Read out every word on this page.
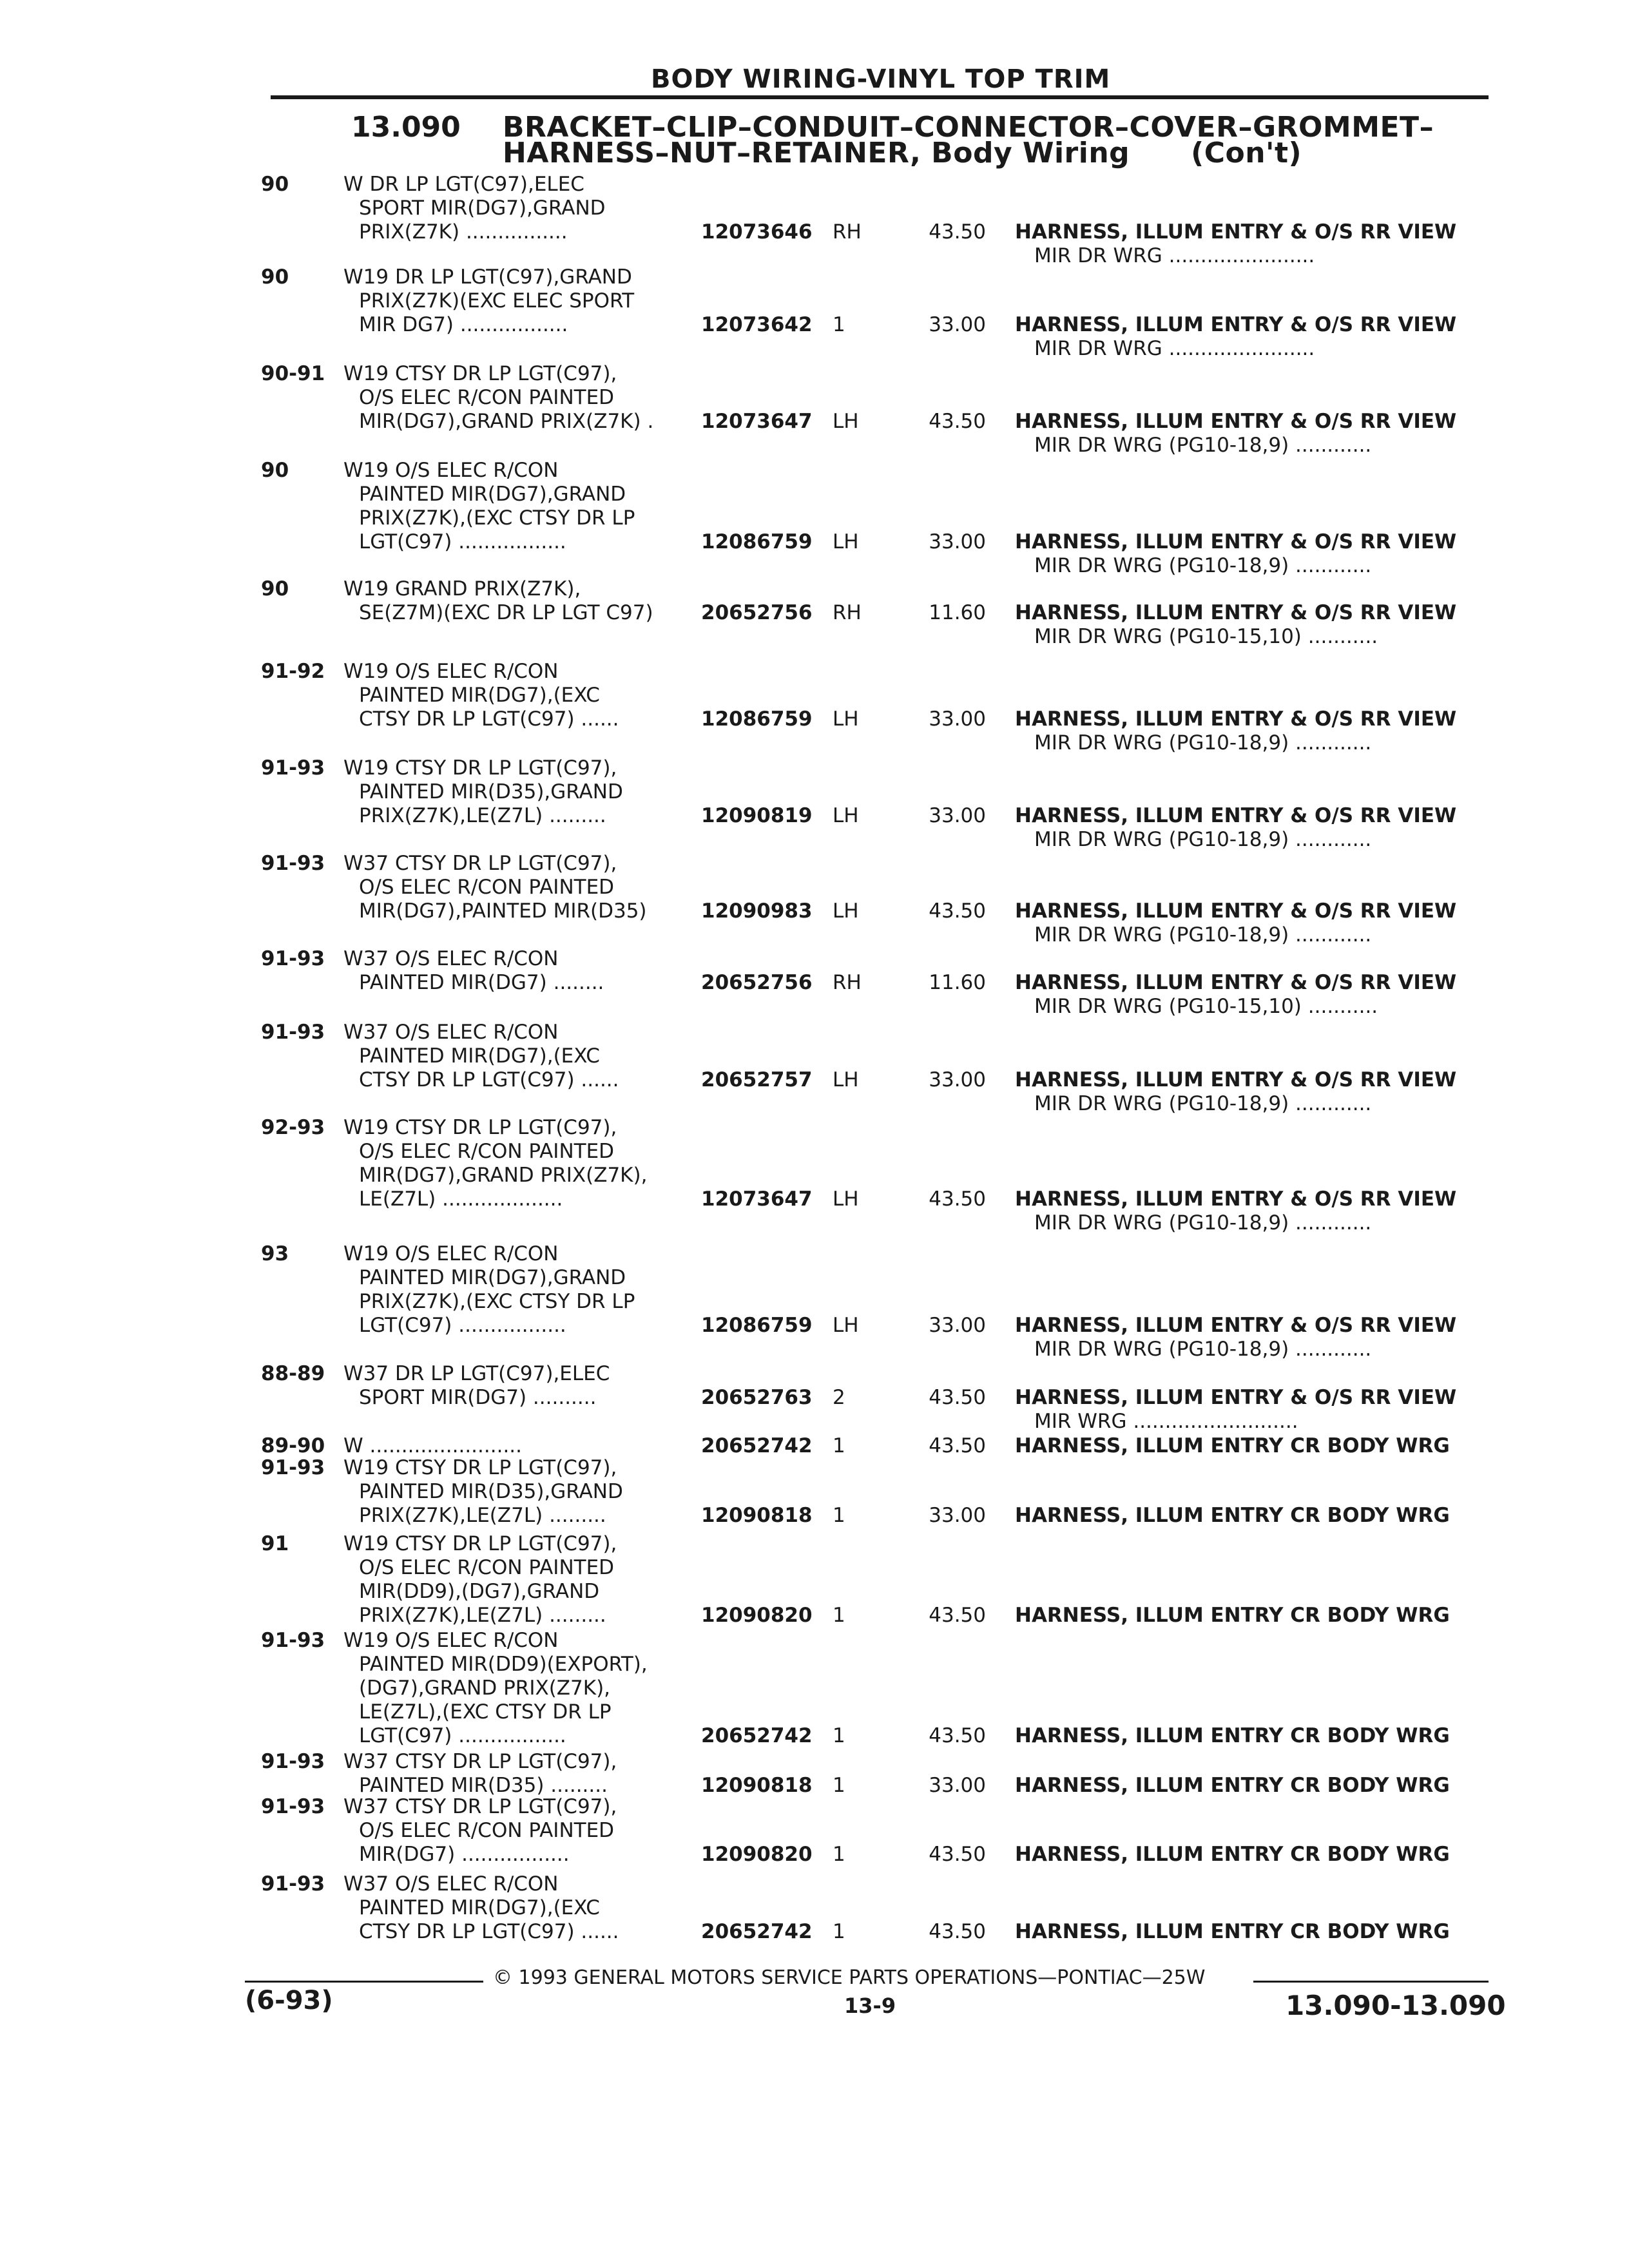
BODY WIRING-VINYL TOP TRIM
13.090 BRACKET–CLIP–CONDUIT–CONNECTOR–COVER–GROMMET–
HARNESS–NUT–RETAINER, Body Wiring (Con't)
90	W DR LP LGT(C97),ELEC
SPORT MIR(DG7),GRAND
PRIX(Z7K) ................	12073646	RH	43.50 HARNESS, ILLUM ENTRY & O/S RR VIEW
MIR DR WRG .......................
90	W19 DR LP LGT(C97),GRAND
PRIX(Z7K)(EXC ELEC SPORT
MIR DG7) .................	12073642	1	33.00 HARNESS, ILLUM ENTRY & O/S RR VIEW
MIR DR WRG .......................
90-91 W19 CTSY DR LP LGT(C97),
O/S ELEC R/CON PAINTED
MIR(DG7),GRAND PRIX(Z7K) .	12073647	LH	43.50 HARNESS, ILLUM ENTRY & O/S RR VIEW
MIR DR WRG (PG10-18,9) ............
90	W19 O/S ELEC R/CON
PAINTED MIR(DG7),GRAND
PRIX(Z7K),(EXC CTSY DR LP
LGT(C97) .................	12086759	LH	33.00 HARNESS, ILLUM ENTRY & O/S RR VIEW
MIR DR WRG (PG10-18,9) ............
90	W19 GRAND PRIX(Z7K),
SE(Z7M)(EXC DR LP LGT C97)	20652756	RH	11.60 HARNESS, ILLUM ENTRY & O/S RR VIEW
MIR DR WRG (PG10-15,10) ...........
91-92 W19 O/S ELEC R/CON
PAINTED MIR(DG7),(EXC
CTSY DR LP LGT(C97) ......	12086759	LH	33.00 HARNESS, ILLUM ENTRY & O/S RR VIEW
MIR DR WRG (PG10-18,9) ............
91-93 W19 CTSY DR LP LGT(C97),
PAINTED MIR(D35),GRAND
PRIX(Z7K),LE(Z7L) .........	12090819	LH	33.00 HARNESS, ILLUM ENTRY & O/S RR VIEW
MIR DR WRG (PG10-18,9) ............
91-93 W37 CTSY DR LP LGT(C97),
O/S ELEC R/CON PAINTED
MIR(DG7),PAINTED MIR(D35)	12090983	LH	43.50 HARNESS, ILLUM ENTRY & O/S RR VIEW
MIR DR WRG (PG10-18,9) ............
91-93 W37 O/S ELEC R/CON
PAINTED MIR(DG7) ........	20652756	RH	11.60 HARNESS, ILLUM ENTRY & O/S RR VIEW
MIR DR WRG (PG10-15,10) ...........
91-93 W37 O/S ELEC R/CON
PAINTED MIR(DG7),(EXC
CTSY DR LP LGT(C97) ......	20652757	LH	33.00 HARNESS, ILLUM ENTRY & O/S RR VIEW
MIR DR WRG (PG10-18,9) ............
92-93 W19 CTSY DR LP LGT(C97),
O/S ELEC R/CON PAINTED
MIR(DG7),GRAND PRIX(Z7K),
LE(Z7L) ...................	12073647	LH	43.50 HARNESS, ILLUM ENTRY & O/S RR VIEW
MIR DR WRG (PG10-18,9) ............
93	W19 O/S ELEC R/CON
PAINTED MIR(DG7),GRAND
PRIX(Z7K),(EXC CTSY DR LP
LGT(C97) .................	12086759	LH	33.00 HARNESS, ILLUM ENTRY & O/S RR VIEW
MIR DR WRG (PG10-18,9) ............
88-89 W37 DR LP LGT(C97),ELEC
SPORT MIR(DG7) ..........	20652763	2	43.50 HARNESS, ILLUM ENTRY & O/S RR VIEW
MIR WRG ..........................
89-90 W ........................	20652742	1	43.50 HARNESS, ILLUM ENTRY CR BODY WRG
91-93 W19 CTSY DR LP LGT(C97),
PAINTED MIR(D35),GRAND
PRIX(Z7K),LE(Z7L) .........	12090818	1	33.00 HARNESS, ILLUM ENTRY CR BODY WRG
91	W19 CTSY DR LP LGT(C97),
O/S ELEC R/CON PAINTED
MIR(DD9),(DG7),GRAND
PRIX(Z7K),LE(Z7L) .........	12090820	1	43.50 HARNESS, ILLUM ENTRY CR BODY WRG
91-93 W19 O/S ELEC R/CON
PAINTED MIR(DD9)(EXPORT),
(DG7),GRAND PRIX(Z7K),
LE(Z7L),(EXC CTSY DR LP
LGT(C97) .................	20652742	1	43.50 HARNESS, ILLUM ENTRY CR BODY WRG
91-93 W37 CTSY DR LP LGT(C97),
PAINTED MIR(D35) .........	12090818	1	33.00 HARNESS, ILLUM ENTRY CR BODY WRG
91-93 W37 CTSY DR LP LGT(C97),
O/S ELEC R/CON PAINTED
MIR(DG7) .................	12090820	1	43.50 HARNESS, ILLUM ENTRY CR BODY WRG
91-93 W37 O/S ELEC R/CON
PAINTED MIR(DG7),(EXC
CTSY DR LP LGT(C97) ......	20652742	1	43.50 HARNESS, ILLUM ENTRY CR BODY WRG
© 1993 GENERAL MOTORS SERVICE PARTS OPERATIONS—PONTIAC—25W
(6-93)	13-9	13.090-13.090
